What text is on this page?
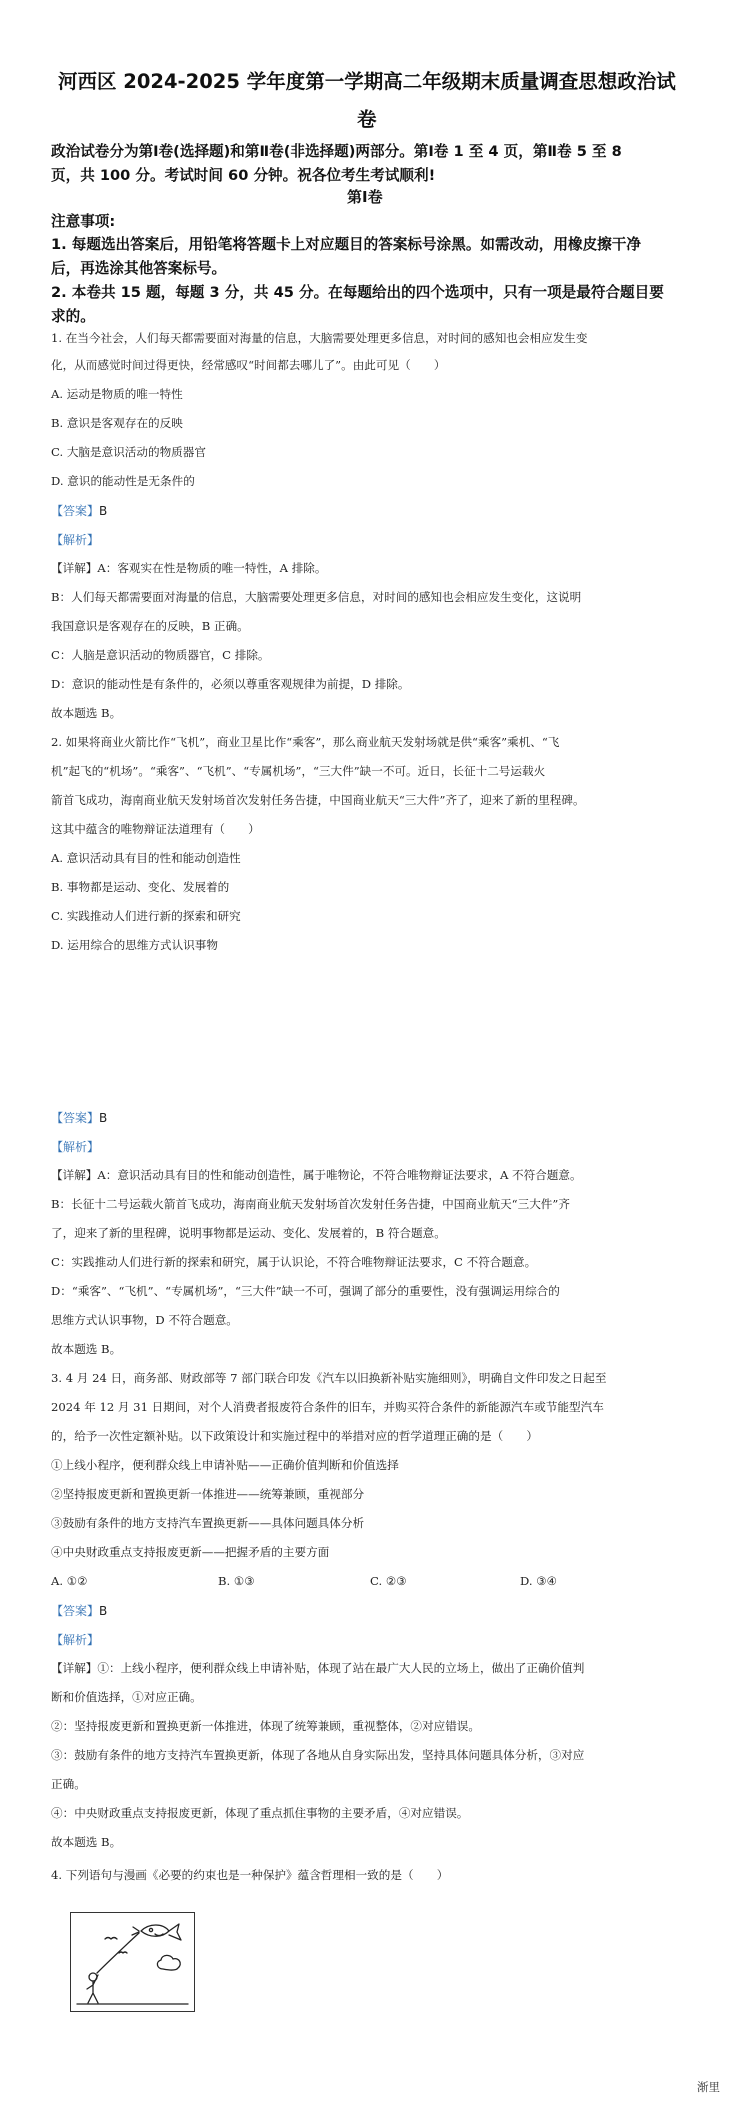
河西区 2024-2025 学年度第一学期高二年级期末质量调查思想政治试
卷
政治试卷分为第Ⅰ卷(选择题)和第Ⅱ卷(非选择题)两部分。第Ⅰ卷 1 至 4 页，第Ⅱ卷 5 至 8
页，共 100 分。考试时间 60 分钟。祝各位考生考试顺利!
第Ⅰ卷
注意事项:
1. 每题选出答案后，用铅笔将答题卡上对应题目的答案标号涂黑。如需改动，用橡皮擦干净
后，再选涂其他答案标号。
2. 本卷共 15 题，每题 3 分，共 45 分。在每题给出的四个选项中，只有一项是最符合题目要
求的。
1. 在当今社会，人们每天都需要面对海量的信息，大脑需要处理更多信息，对时间的感知也会相应发生变
化，从而感觉时间过得更快，经常感叹“时间都去哪儿了”。由此可见（　　）
A. 运动是物质的唯一特性
B. 意识是客观存在的反映
C. 大脑是意识活动的物质器官
D. 意识的能动性是无条件的
【答案】B
【解析】
【详解】A：客观实在性是物质的唯一特性，A 排除。
B：人们每天都需要面对海量的信息，大脑需要处理更多信息，对时间的感知也会相应发生变化，这说明
我国意识是客观存在的反映，B 正确。
C：人脑是意识活动的物质器官，C 排除。
D：意识的能动性是有条件的，必须以尊重客观规律为前提，D 排除。
故本题选 B。
2. 如果将商业火箭比作“飞机”，商业卫星比作“乘客”，那么商业航天发射场就是供“乘客”乘机、“飞
机”起飞的“机场”。“乘客”、“飞机”、“专属机场”，“三大件”缺一不可。近日，长征十二号运载火
箭首飞成功，海南商业航天发射场首次发射任务告捷，中国商业航天“三大件”齐了，迎来了新的里程碑。
这其中蕴含的唯物辩证法道理有（　　）
A. 意识活动具有目的性和能动创造性
B. 事物都是运动、变化、发展着的
C. 实践推动人们进行新的探索和研究
D. 运用综合的思维方式认识事物
【答案】B
【解析】
【详解】A：意识活动具有目的性和能动创造性，属于唯物论，不符合唯物辩证法要求，A 不符合题意。
B：长征十二号运载火箭首飞成功，海南商业航天发射场首次发射任务告捷，中国商业航天“三大件”齐
了，迎来了新的里程碑，说明事物都是运动、变化、发展着的，B 符合题意。
C：实践推动人们进行新的探索和研究，属于认识论，不符合唯物辩证法要求，C 不符合题意。
D：“乘客”、“飞机”、“专属机场”，“三大件”缺一不可，强调了部分的重要性，没有强调运用综合的
思维方式认识事物，D 不符合题意。
故本题选 B。
3. 4 月 24 日，商务部、财政部等 7 部门联合印发《汽车以旧换新补贴实施细则》，明确自文件印发之日起至
2024 年 12 月 31 日期间，对个人消费者报废符合条件的旧车，并购买符合条件的新能源汽车或节能型汽车
的，给予一次性定额补贴。以下政策设计和实施过程中的举措对应的哲学道理正确的是（　　）
①上线小程序，便利群众线上申请补贴——正确价值判断和价值选择
②坚持报废更新和置换更新一体推进——统筹兼顾，重视部分
③鼓励有条件的地方支持汽车置换更新——具体问题具体分析
④中央财政重点支持报废更新——把握矛盾的主要方面
A. ①②	B. ①③	C. ②③	D. ③④
【答案】B
【解析】
【详解】①：上线小程序，便利群众线上申请补贴，体现了站在最广大人民的立场上，做出了正确价值判
断和价值选择，①对应正确。
②：坚持报废更新和置换更新一体推进，体现了统筹兼顾，重视整体，②对应错误。
③：鼓励有条件的地方支持汽车置换更新，体现了各地从自身实际出发，坚持具体问题具体分析，③对应
正确。
④：中央财政重点支持报废更新，体现了重点抓住事物的主要矛盾，④对应错误。
故本题选 B。
4. 下列语句与漫画《必要的约束也是一种保护》蕴含哲理相一致的是（　　）
渐里
